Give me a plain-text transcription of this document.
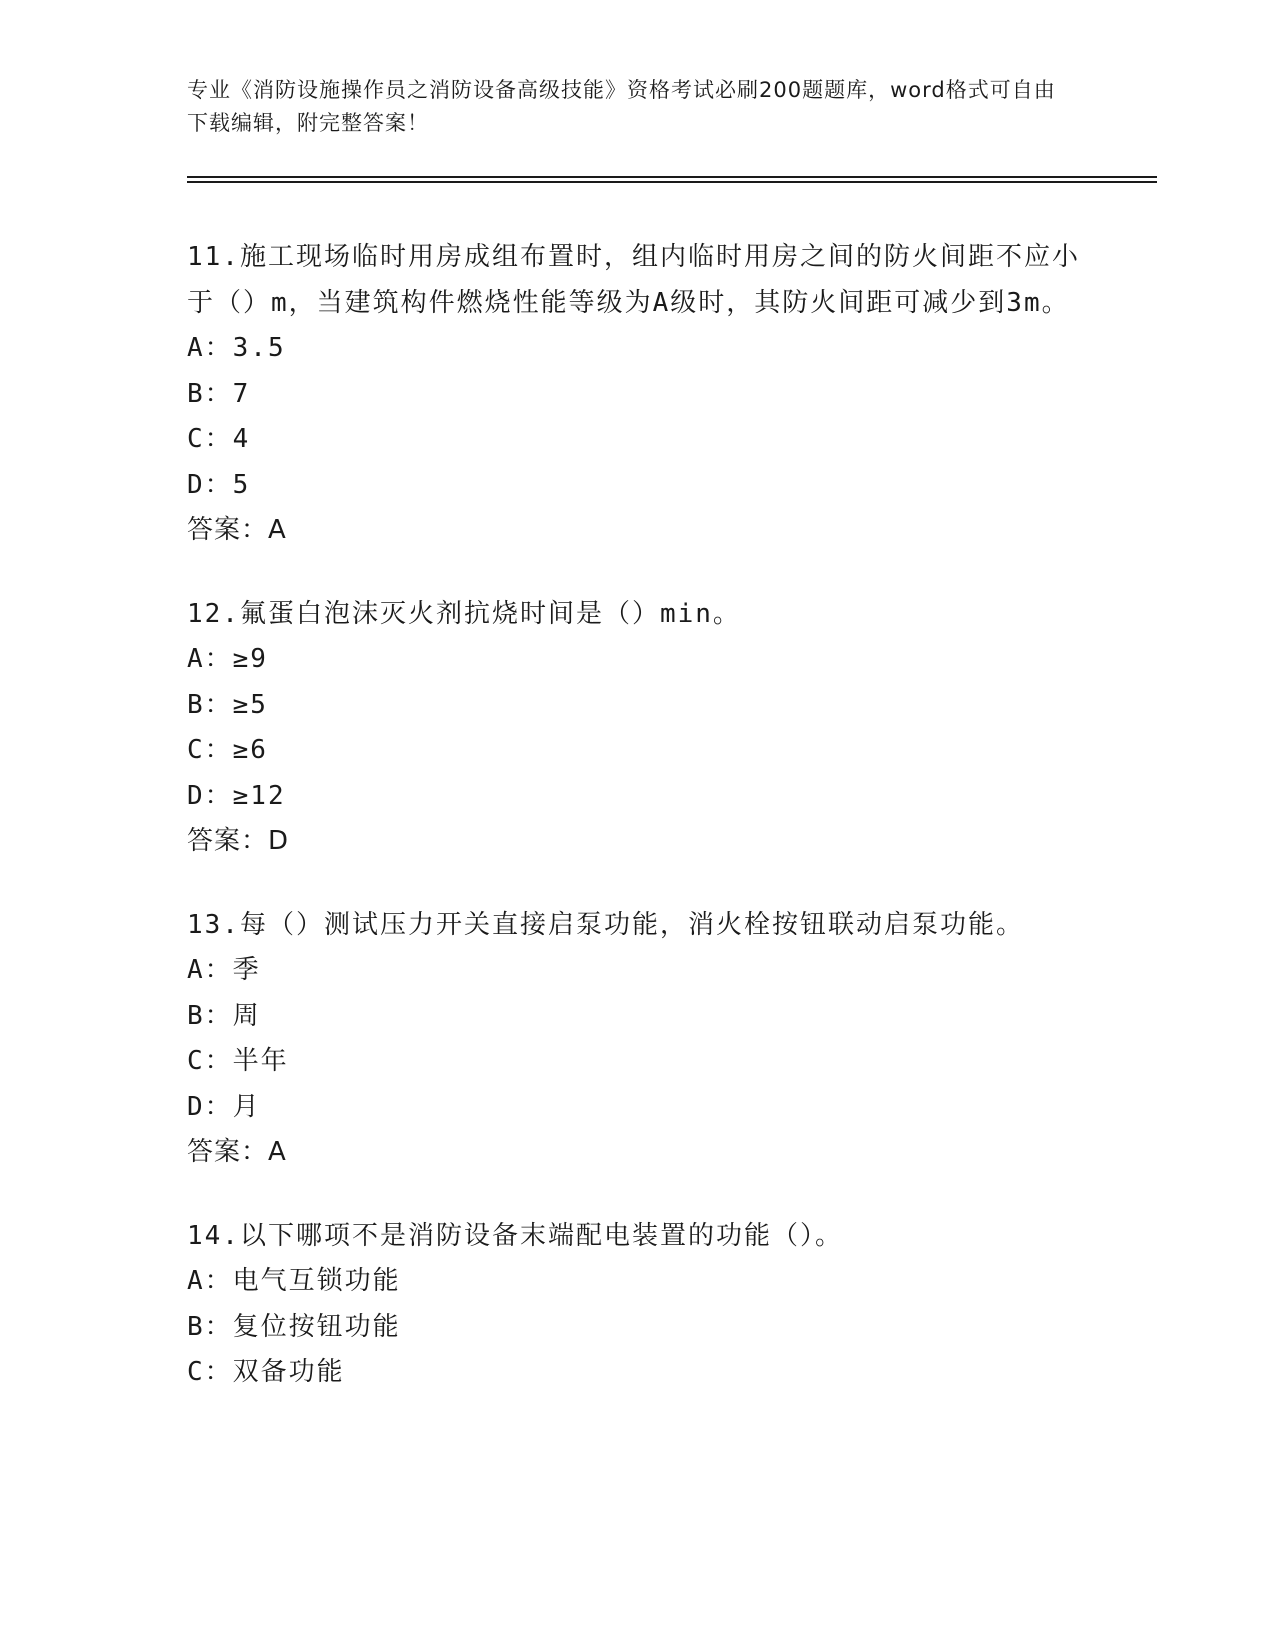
专业《消防设施操作员之消防设备高级技能》资格考试必刷200题题库，word格式可自由下载编辑，附完整答案！

11.施工现场临时用房成组布置时，组内临时用房之间的防火间距不应小于（）m，当建筑构件燃烧性能等级为A级时，其防火间距可减少到3m。

A：3.5

B：7

C：4

D：5

答案：A

12.氟蛋白泡沫灭火剂抗烧时间是（）min。

A：≥9

B：≥5

C：≥6

D：≥12

答案：D

13.每（）测试压力开关直接启泵功能，消火栓按钮联动启泵功能。

A：季

B：周

C：半年

D：月

答案：A

14.以下哪项不是消防设备末端配电装置的功能（）。

A：电气互锁功能

B：复位按钮功能

C：双备功能
